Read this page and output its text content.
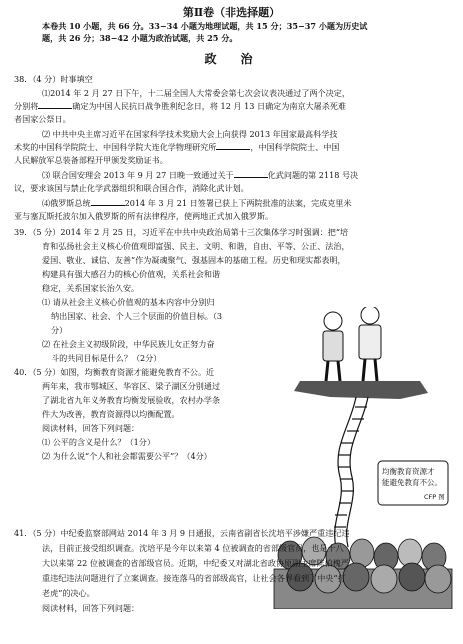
第Ⅱ卷（非选择题）
本卷共 10 小题，共 66 分。33−34 小题为地理试题，共 15 分；35−37 小题为历史试
题，共 26 分；38−42 小题为政治试题，共 25 分。
政　治
38．（4 分）时事填空
⑴2014 年 2 月 27 日下午，十二届全国人大常委会第七次会议表决通过了两个决定，
分别将	确定为中国人民抗日战争胜利纪念日，将 12 月 13 日确定为南京大屠杀死难
者国家公祭日。
⑵ 中共中央主席习近平在国家科学技术奖励大会上向获得 2013 年国家最高科学技
术奖的中国科学院院士、中国科学院大连化学物理研究所	，中国科学院院士、中国
人民解放军总装备部程开甲颁发奖励证书。
⑶ 联合国安理会 2013 年 9 月 27 日晚一致通过关于	化武问题的第 2118 号决
议，要求该国与禁止化学武器组织和联合国合作，消除化武计划。
⑷俄罗斯总统	2014 年 3 月 21 日签署已获上下两院批准的法案，完成克里米
亚与塞瓦斯托波尔加入俄罗斯的所有法律程序，使两地正式加入俄罗斯。
39．（5 分）2014 年 2 月 25 日，习近平在中共中央政治局第十三次集体学习时强调：把“培
育和弘扬社会主义核心价值观即富强、民主、文明、和谐，自由、平等、公正、法治，
爱国、敬业、诚信、友善”作为凝魂聚气、强基固本的基础工程。历史和现实都表明，
构建具有强大感召力的核心价值观，关系社会和谐
稳定，关系国家长治久安。
⑴ 请从社会主义核心价值观的基本内容中分别归
纳出国家、社会、个人三个层面的价值目标。（3
分）
⑵ 在社会主义初级阶段，中华民族儿女正努力奋
斗的共同目标是什么？（2分）
40．（5 分）如图，均衡教育资源才能避免教育不公。近
两年来，我市鄂城区、华容区、梁子湖区分别通过
了湖北省九年义务教育均衡发展验收，农村办学条
件大为改善，教育资源得以均衡配置。
阅读材料，回答下列问题：
⑴ 公平的含义是什么？（1分）
⑵ 为什么说“个人和社会都需要公平”？（4分）
均衡教育资源才
能避免教育不公。
CFP 图
41．（5 分）中纪委监察部网站 2014 年 3 月 9 日通报，云南省副省长沈培平涉嫌严重违纪违
法，目前正接受组织调查。沈培平是今年以来第 4 位被调查的省部级官员，也是十八
大以来第 22 位被调查的省部级官员。近期，中纪委又对湖北省政协原副主席陈柏槐严
重违纪违法问题进行了立案调查。接连落马的省部级高官，让社会各界看到了中央“打
老虎”的决心。
阅读材料，回答下列问题：
